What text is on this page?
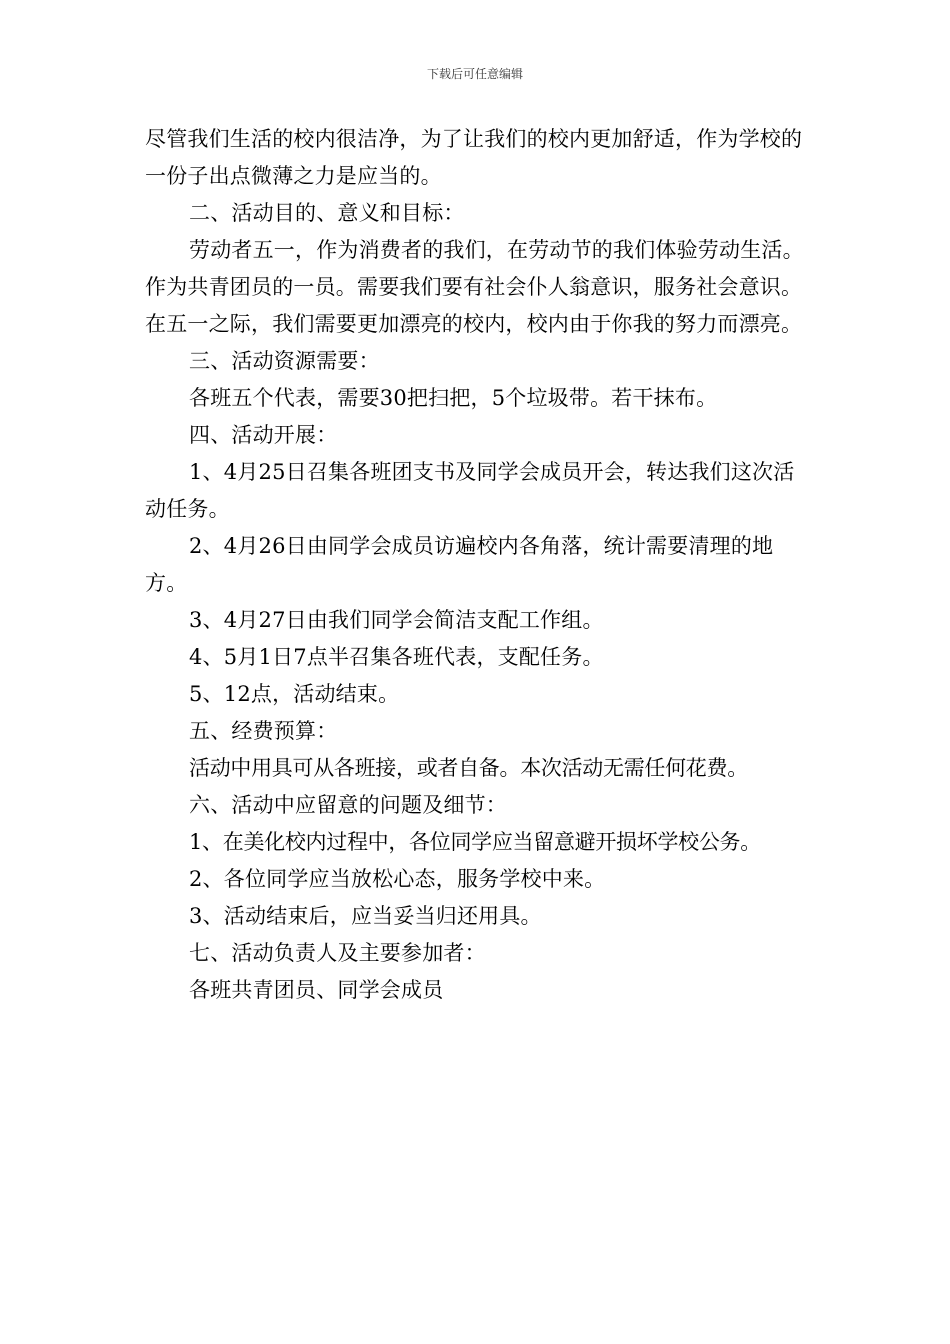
下载后可任意编辑

尽管我们生活的校内很洁净，为了让我们的校内更加舒适，作为学校的一份子出点微薄之力是应当的。

二、活动目的、意义和目标：

劳动者五一，作为消费者的我们，在劳动节的我们体验劳动生活。作为共青团员的一员。需要我们要有社会仆人翁意识，服务社会意识。在五一之际，我们需要更加漂亮的校内，校内由于你我的努力而漂亮。

三、活动资源需要：

各班五个代表，需要30把扫把，5个垃圾带。若干抹布。

四、活动开展：

1、4月25日召集各班团支书及同学会成员开会，转达我们这次活动任务。

2、4月26日由同学会成员访遍校内各角落，统计需要清理的地方。

3、4月27日由我们同学会简洁支配工作组。

4、5月1日7点半召集各班代表，支配任务。

5、12点，活动结束。

五、经费预算：

活动中用具可从各班接，或者自备。本次活动无需任何花费。

六、活动中应留意的问题及细节：

1、在美化校内过程中，各位同学应当留意避开损坏学校公务。

2、各位同学应当放松心态，服务学校中来。

3、活动结束后，应当妥当归还用具。

七、活动负责人及主要参加者：

各班共青团员、同学会成员
